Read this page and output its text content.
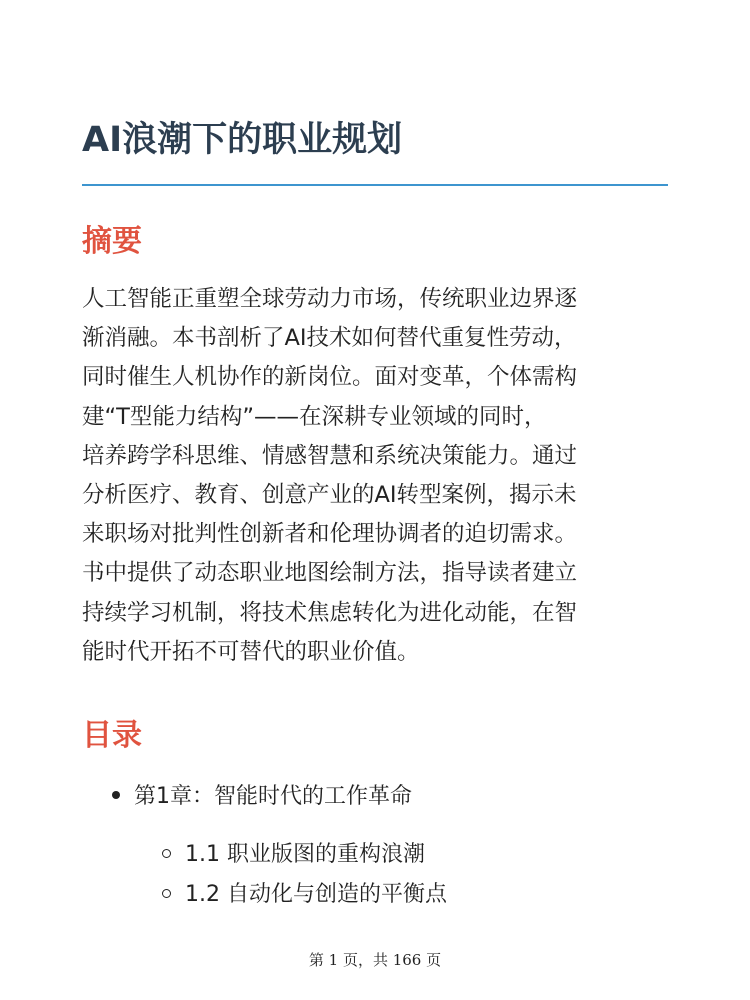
AI浪潮下的职业规划
摘要
人工智能正重塑全球劳动力市场，传统职业边界逐
渐消融。本书剖析了AI技术如何替代重复性劳动，
同时催生人机协作的新岗位。面对变革，个体需构
建“T型能力结构”——在深耕专业领域的同时，
培养跨学科思维、情感智慧和系统决策能力。通过
分析医疗、教育、创意产业的AI转型案例，揭示未
来职场对批判性创新者和伦理协调者的迫切需求。
书中提供了动态职业地图绘制方法，指导读者建立
持续学习机制，将技术焦虑转化为进化动能，在智
能时代开拓不可替代的职业价值。
目录
第1章：智能时代的工作革命
1.1 职业版图的重构浪潮
1.2 自动化与创造的平衡点
第 1 页，共 166 页
